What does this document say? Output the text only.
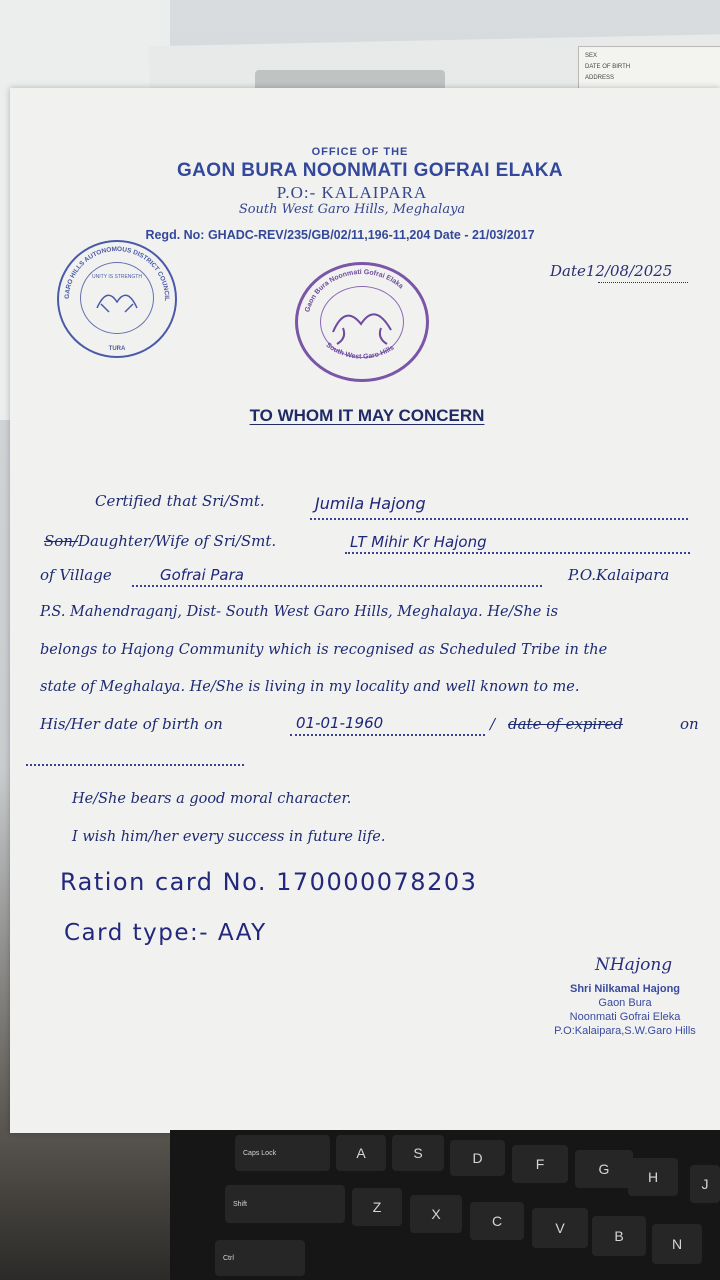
SEX
DATE OF BIRTH
ADDRESS
OFFICE OF THE
GAON BURA NOONMATI GOFRAI ELAKA
P.O:- KALAIPARA
South West Garo Hills, Meghalaya
Regd. No: GHADC-REV/235/GB/02/11,196-11,204 Date - 21/03/2017
GARO HILLS AUTONOMOUS DISTRICT COUNCIL
UNITY IS STRENGTH
TURA
Gaon Bura Noonmati Gofrai Elaka
South West Garo Hills
Date12/08/2025
TO WHOM IT MAY CONCERN
Certified that Sri/Smt.	Jumila Hajong
Son/Daughter/Wife of Sri/Smt.	LT Mihir Kr Hajong
of Village	Gofrai Para	P.O.Kalaipara
P.S. Mahendraganj, Dist- South West Garo Hills, Meghalaya. He/She is
belongs to Hajong Community which is recognised as Scheduled Tribe in the
state of Meghalaya. He/She is living in my locality and well known to me.
His/Her date of birth on	01-01-1960	/ date of expired	on
He/She bears a good moral character.
I wish him/her every success in future life.
Ration card No. 170000078203
Card type:- AAY
NHajong
Shri Nilkamal Hajong
Gaon Bura
Noonmati Gofrai Eleka
P.O:Kalaipara,S.W.Garo Hills
Caps Lock	A	S	D	F	G	H	J
Shift	Z	X	C	V	B	N
Ctrl
